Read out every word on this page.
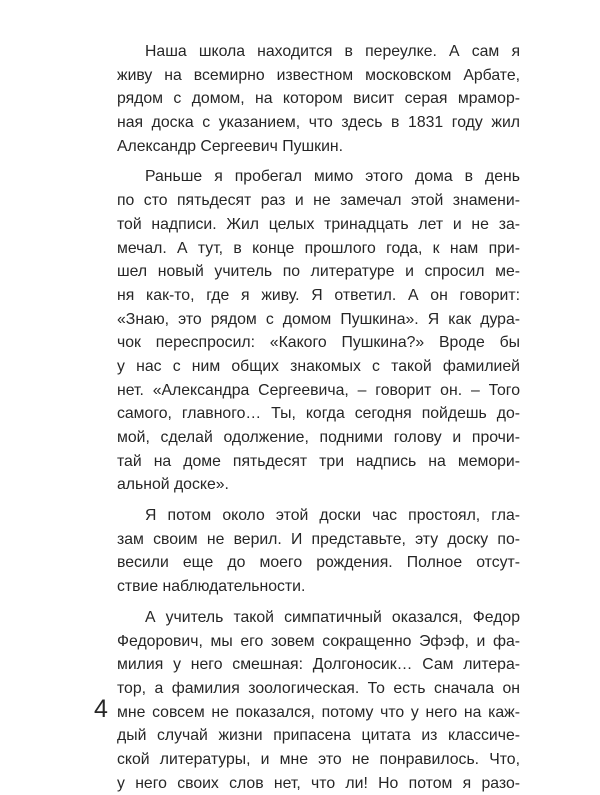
Наша школа находится в переулке. А сам я
живу на всемирно известном московском Арбате,
рядом с домом, на котором висит серая мрамор-
ная доска с указанием, что здесь в 1831 году жил
Александр Сергеевич Пушкин.
Раньше я пробегал мимо этого дома в день
по сто пятьдесят раз и не замечал этой знамени-
той надписи. Жил целых тринадцать лет и не за-
мечал. А тут, в конце прошлого года, к нам при-
шел новый учитель по литературе и спросил ме-
ня как-то, где я живу. Я ответил. А он говорит:
«Знаю, это рядом с домом Пушкина». Я как дура-
чок переспросил: «Какого Пушкина?» Вроде бы
у нас с ним общих знакомых с такой фамилией
нет. «Александра Сергеевича, – говорит он. – Того
самого, главного… Ты, когда сегодня пойдешь до-
мой, сделай одолжение, подними голову и прочи-
тай на доме пятьдесят три надпись на мемори-
альной доске».
Я потом около этой доски час простоял, гла-
зам своим не верил. И представьте, эту доску по-
весили еще до моего рождения. Полное отсут-
ствие наблюдательности.
А учитель такой симпатичный оказался, Федор
Федорович, мы его зовем сокращенно Эфэф, и фа-
милия у него смешная: Долгоносик… Сам литера-
тор, а фамилия зоологическая. То есть сначала он
мне совсем не показался, потому что у него на каж-
дый случай жизни припасена цитата из классиче-
ской литературы, и мне это не понравилось. Что,
у него своих слов нет, что ли! Но потом я разо-
4
